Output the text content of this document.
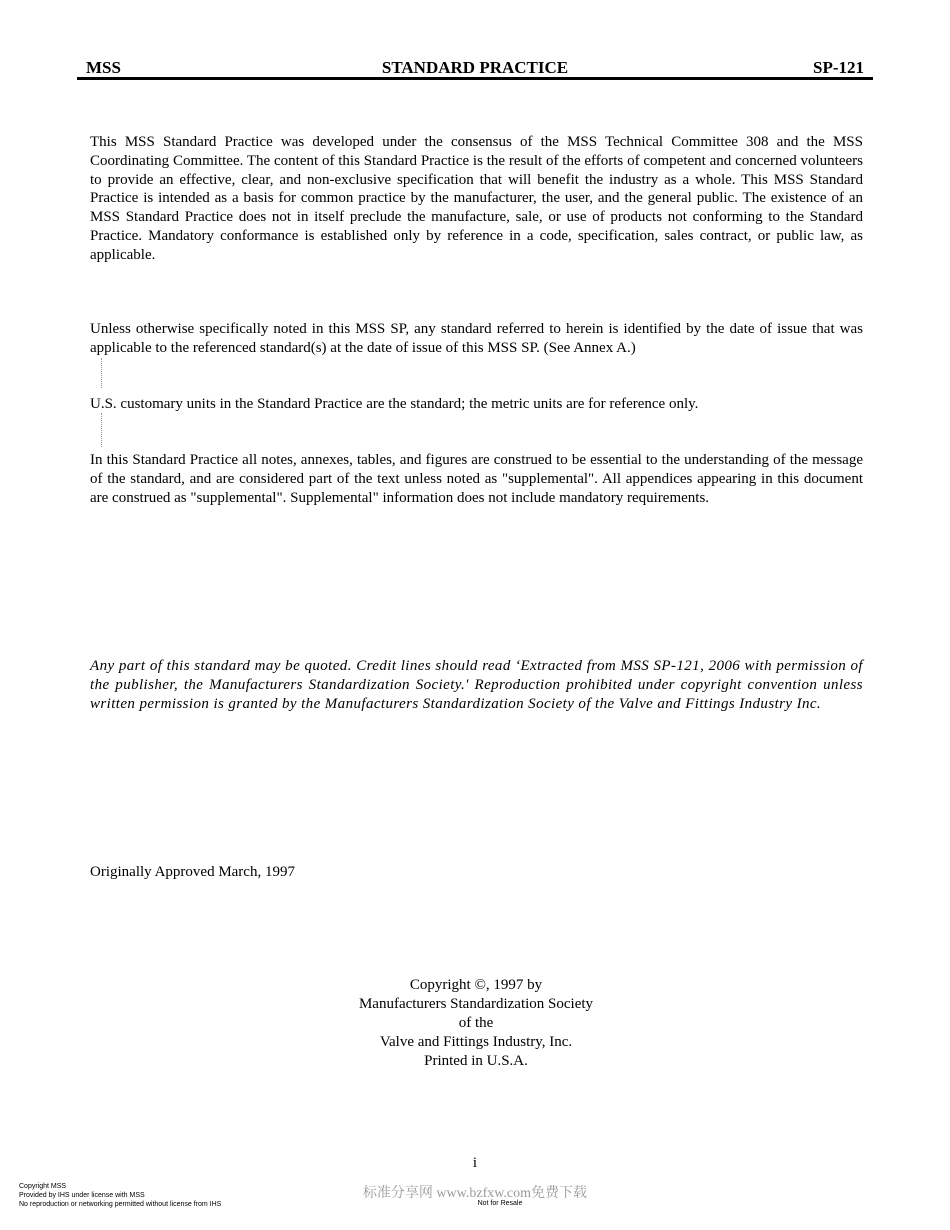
STANDARD PRACTICE
MSS	SP-121
This MSS Standard Practice was developed under the consensus of the MSS Technical Committee 308 and the MSS Coordinating Committee. The content of this Standard Practice is the result of the efforts of competent and concerned volunteers to provide an effective, clear, and non-exclusive specification that will benefit the industry as a whole. This MSS Standard Practice is intended as a basis for common practice by the manufacturer, the user, and the general public. The existence of an MSS Standard Practice does not in itself preclude the manufacture, sale, or use of products not conforming to the Standard Practice. Mandatory conformance is established only by reference in a code, specification, sales contract, or public law, as applicable.
Unless otherwise specifically noted in this MSS SP, any standard referred to herein is identified by the date of issue that was applicable to the referenced standard(s) at the date of issue of this MSS SP. (See Annex A.)
U.S. customary units in the Standard Practice are the standard; the metric units are for reference only.
In this Standard Practice all notes, annexes, tables, and figures are construed to be essential to the understanding of the message of the standard, and are considered part of the text unless noted as "supplemental". All appendices appearing in this document are construed as "supplemental". Supplemental" information does not include mandatory requirements.
Any part of this standard may be quoted. Credit lines should read ‘Extracted from MSS SP-121, 2006 with permission of the publisher, the Manufacturers Standardization Society.' Reproduction prohibited under copyright convention unless written permission is granted by the Manufacturers Standardization Society of the Valve and Fittings Industry Inc.
Originally Approved March, 1997
Copyright ©, 1997 by
Manufacturers Standardization Society
of the
Valve and Fittings Industry, Inc.
Printed in U.S.A.
i
Copyright MSS
Provided by IHS under license with MSS
No reproduction or networking permitted without license from IHS
标准分享网 www.bzfxw.com免费下载
Not for Resale
